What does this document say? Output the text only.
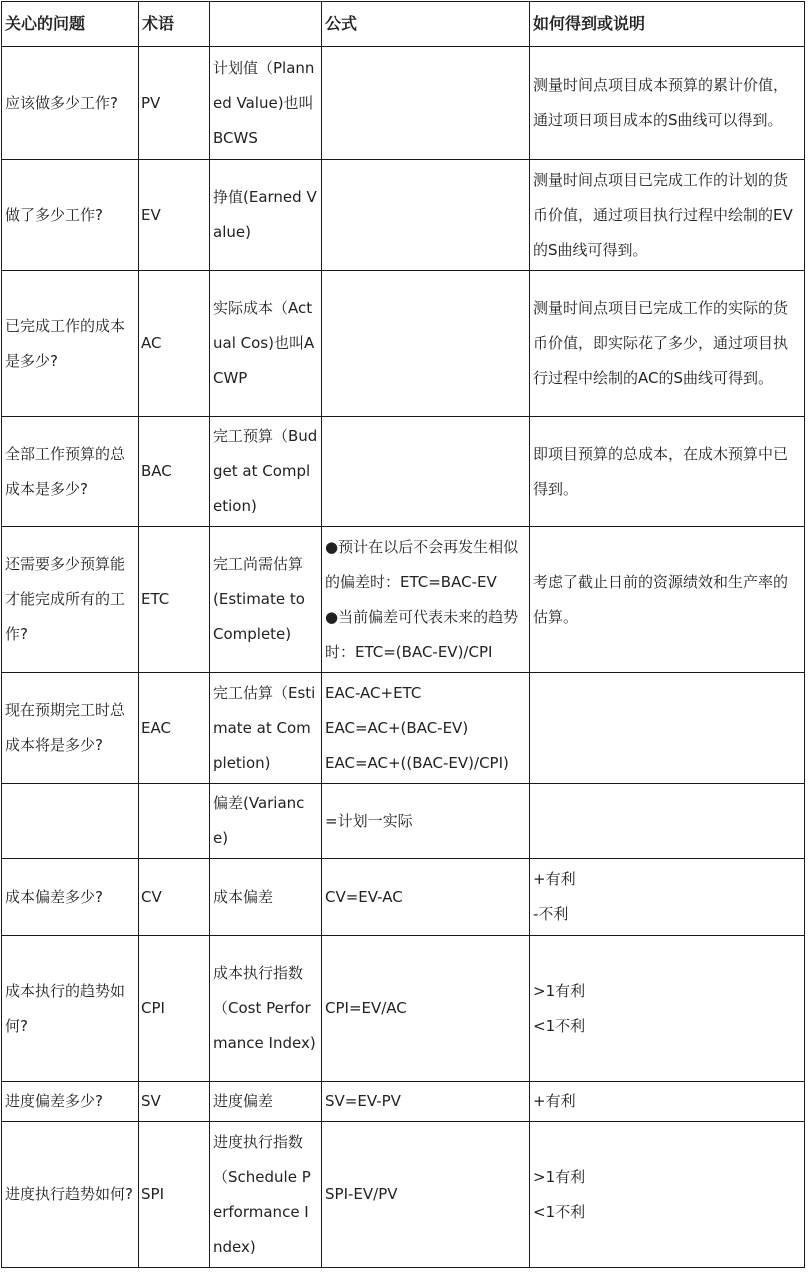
关心的问题	术语		公式	如何得到或说明
应该做多少工作?	PV	计划值（Planned Value)也叫BCWS		测量时间点项目成本预算的累计价值，通过项日项目成本的S曲线可以得到。

做了多少工作?	EV	挣值(Earned Value)		测量时间点项目已完成工作的计划的货币价值，通过项目执行过程中绘制的EV的S曲线可得到。

已完成工作的成本是多少?	AC	实际成本（Actual Cos)也叫ACWP		测量时间点项目已完成工作的实际的货币价值，即实际花了多少，通过项目执行过程中绘制的AC的S曲线可得到。

全部工作预算的总成本是多少?	BAC	完工预算（Budget at Completion)		即项目预算的总成本，在成木预算中已得到。

还需要多少预算能才能完成所有的工作?	ETC	完工尚需估算(Estimate to Complete)	●预计在以后不会再发生相似的偏差时：ETC=BAC-EV
●当前偏差可代表未来的趋势时：ETC=(BAC-EV)/CPI	考虑了截止日前的资源绩效和生产率的估算。

现在预期完工时总成本将是多少?	EAC	完工估算（Estimate at Completion)	EAC-AC+ETC
EAC=AC+(BAC-EV)
EAC=AC+((BAC-EV)/CPI)	

		偏差(Variance)	=计划一实际	

成本偏差多少?	CV	成本偏差	CV=EV-AC	+有利
-不利

成本执行的趋势如何?	CPI	成本执行指数（Cost Performance Index)	CPI=EV/AC	>1有利
<1不利

进度偏差多少?	SV	进度偏差	SV=EV-PV	+有利

进度执行趋势如何?	SPI	进度执行指数（Schedule Performance Index)	SPI-EV/PV	>1有利
<1不利
